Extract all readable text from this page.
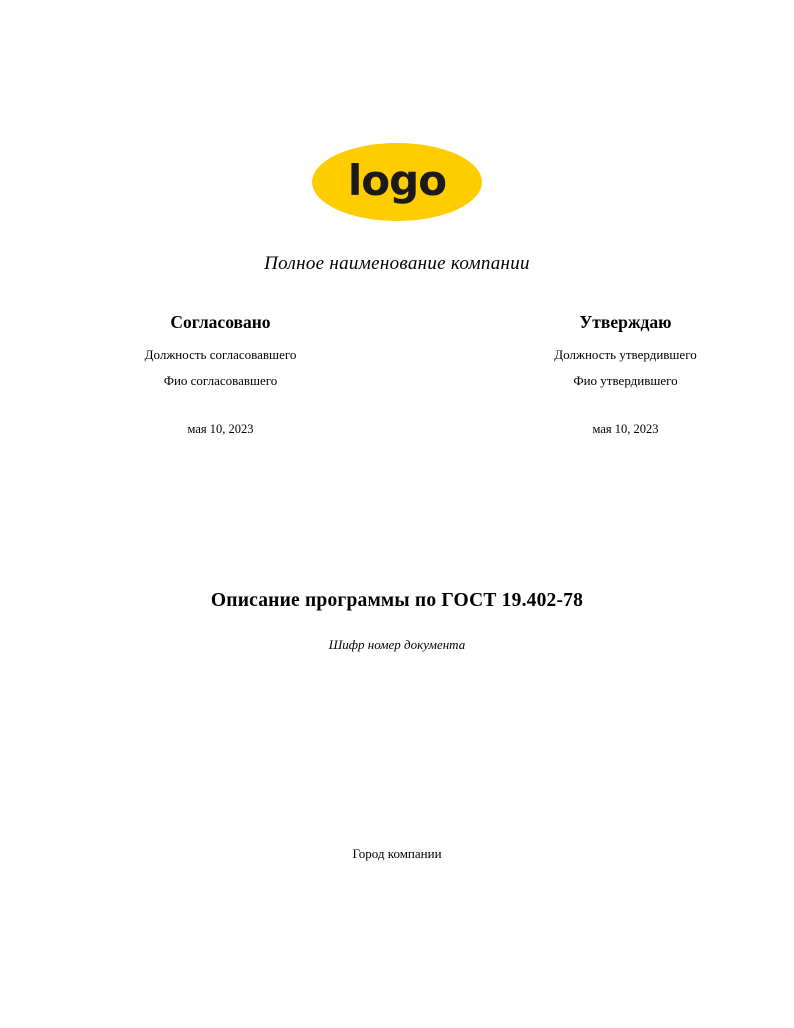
logo
Полное наименование компании
Согласовано
Должность согласовавшего
Фио согласовавшего
мая 10, 2023
Утверждаю
Должность утвердившего
Фио утвердившего
мая 10, 2023
Описание программы по ГОСТ 19.402-78
Шифр номер документа
Город компании
